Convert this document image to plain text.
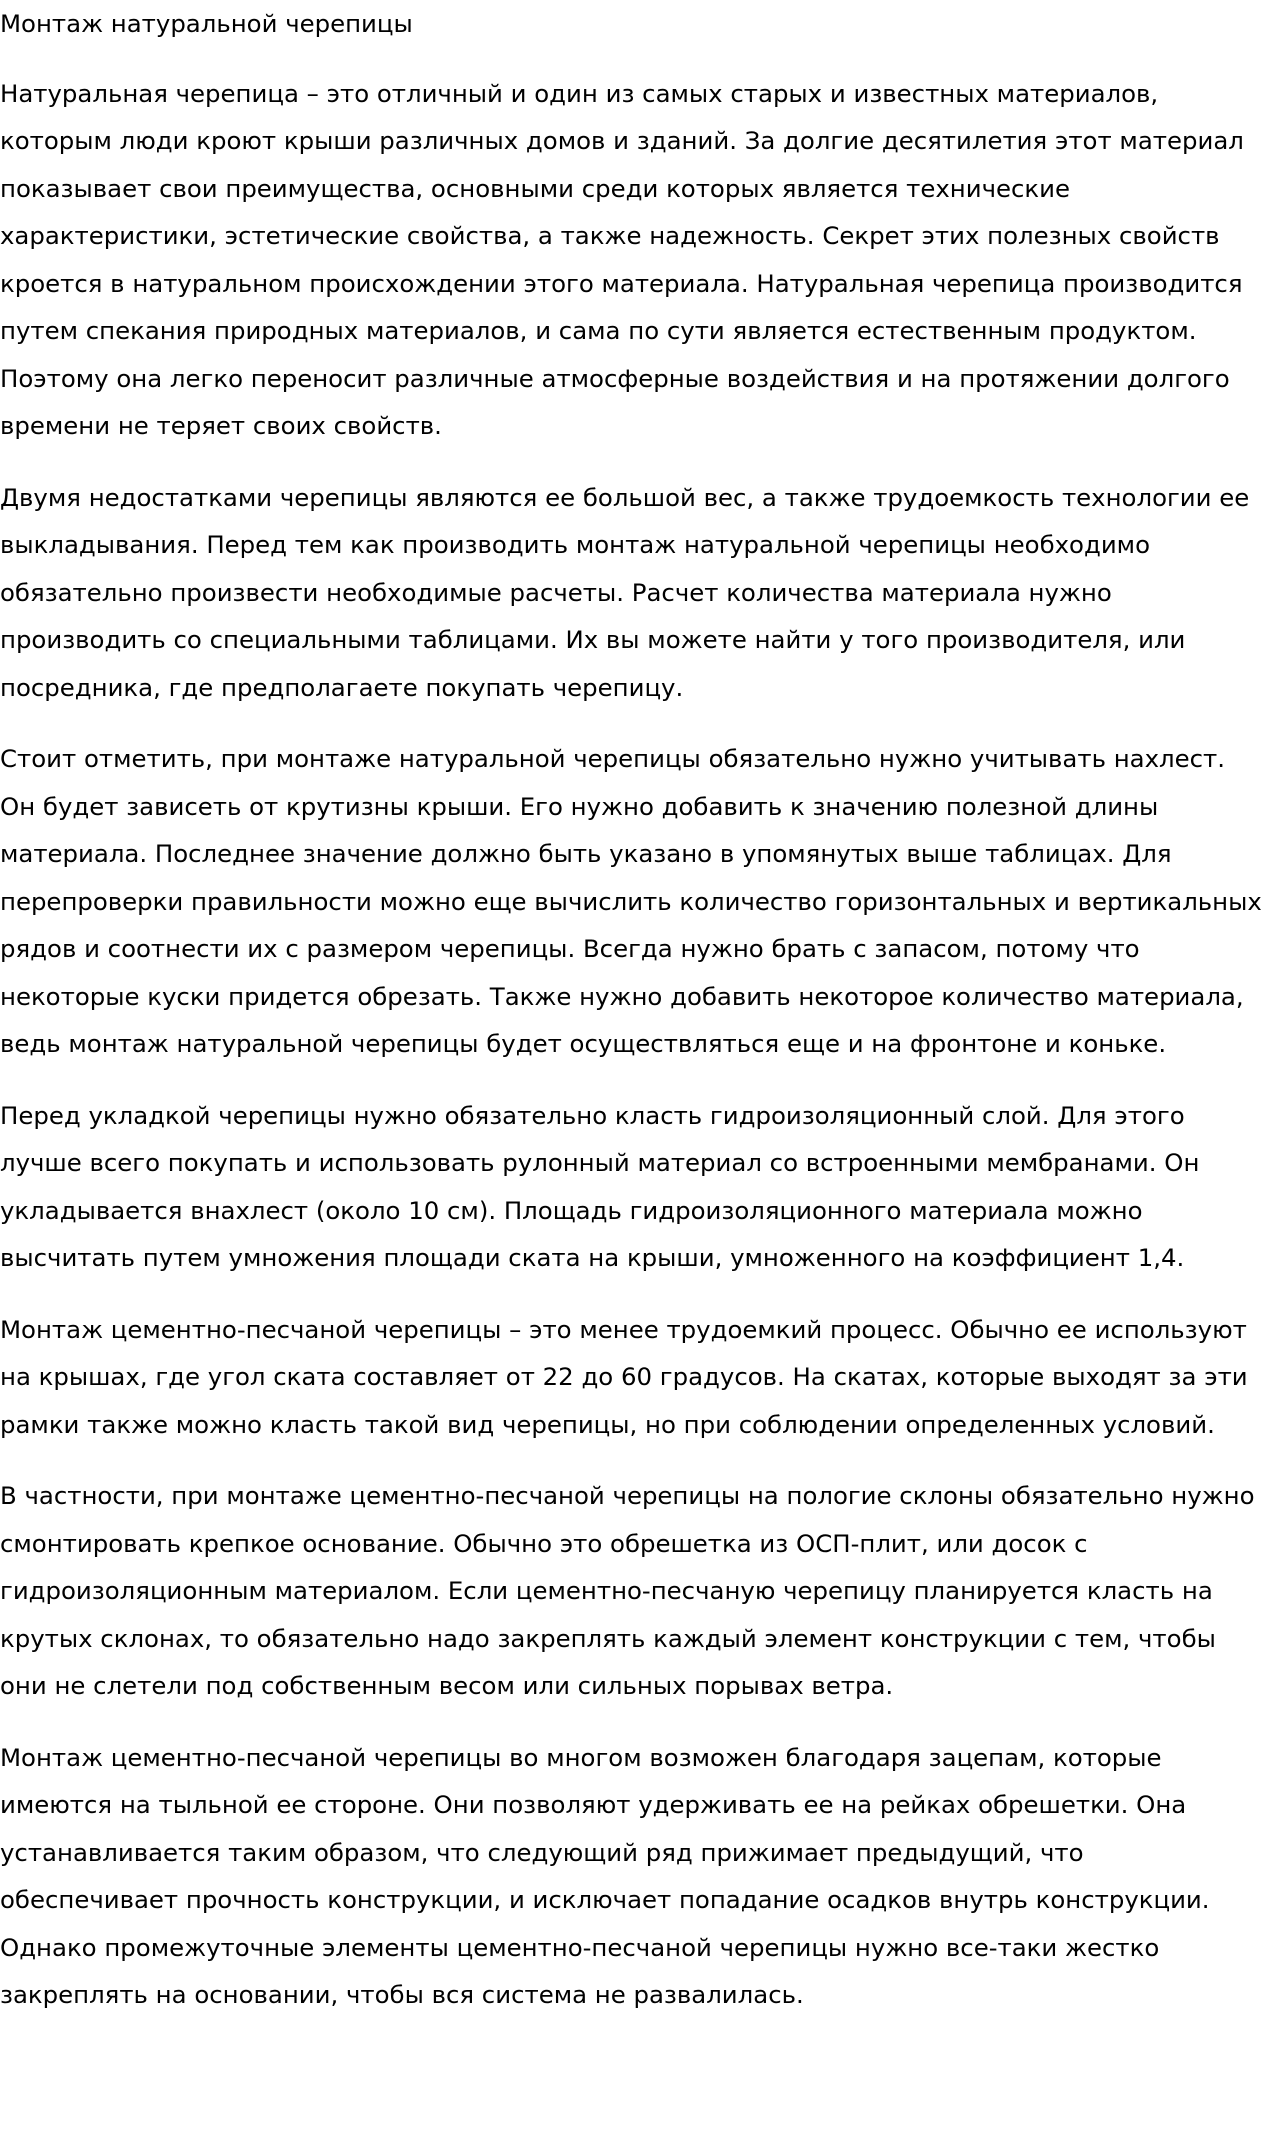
Монтаж натуральной черепицы

Натуральная черепица – это отличный и один из самых старых и известных материалов, которым люди кроют крыши различных домов и зданий. За долгие десятилетия этот материал показывает свои преимущества, основными среди которых является технические характеристики, эстетические свойства, а также надежность. Секрет этих полезных свойств кроется в натуральном происхождении этого материала. Натуральная черепица производится путем спекания природных материалов, и сама по сути является естественным продуктом. Поэтому она легко переносит различные атмосферные воздействия и на протяжении долгого времени не теряет своих свойств.

Двумя недостатками черепицы являются ее большой вес, а также трудоемкость технологии ее выкладывания. Перед тем как производить монтаж натуральной черепицы необходимо обязательно произвести необходимые расчеты. Расчет количества материала нужно производить со специальными таблицами. Их вы можете найти у того производителя, или посредника, где предполагаете покупать черепицу.

Стоит отметить, при монтаже натуральной черепицы обязательно нужно учитывать нахлест. Он будет зависеть от крутизны крыши. Его нужно добавить к значению полезной длины материала. Последнее значение должно быть указано в упомянутых выше таблицах. Для перепроверки правильности можно еще вычислить количество горизонтальных и вертикальных рядов и соотнести их с размером черепицы. Всегда нужно брать с запасом, потому что некоторые куски придется обрезать. Также нужно добавить некоторое количество материала, ведь монтаж натуральной черепицы будет осуществляться еще и на фронтоне и коньке.

Перед укладкой черепицы нужно обязательно класть гидроизоляционный слой. Для этого лучше всего покупать и использовать рулонный материал со встроенными мембранами. Он укладывается внахлест (около 10 см). Площадь гидроизоляционного материала можно высчитать путем умножения площади ската на крыши, умноженного на коэффициент 1,4.

Монтаж цементно-песчаной черепицы – это менее трудоемкий процесс. Обычно ее используют на крышах, где угол ската составляет от 22 до 60 градусов. На скатах, которые выходят за эти рамки также можно класть такой вид черепицы, но при соблюдении определенных условий.

В частности, при монтаже цементно-песчаной черепицы на пологие склоны обязательно нужно смонтировать крепкое основание. Обычно это обрешетка из ОСП-плит, или досок с гидроизоляционным материалом. Если цементно-песчаную черепицу планируется класть на крутых склонах, то обязательно надо закреплять каждый элемент конструкции с тем, чтобы они не слетели под собственным весом или сильных порывах ветра.

Монтаж цементно-песчаной черепицы во многом возможен благодаря зацепам, которые имеются на тыльной ее стороне. Они позволяют удерживать ее на рейках обрешетки. Она устанавливается таким образом, что следующий ряд прижимает предыдущий, что обеспечивает прочность конструкции, и исключает попадание осадков внутрь конструкции. Однако промежуточные элементы цементно-песчаной черепицы нужно все-таки жестко закреплять на основании, чтобы вся система не развалилась.
